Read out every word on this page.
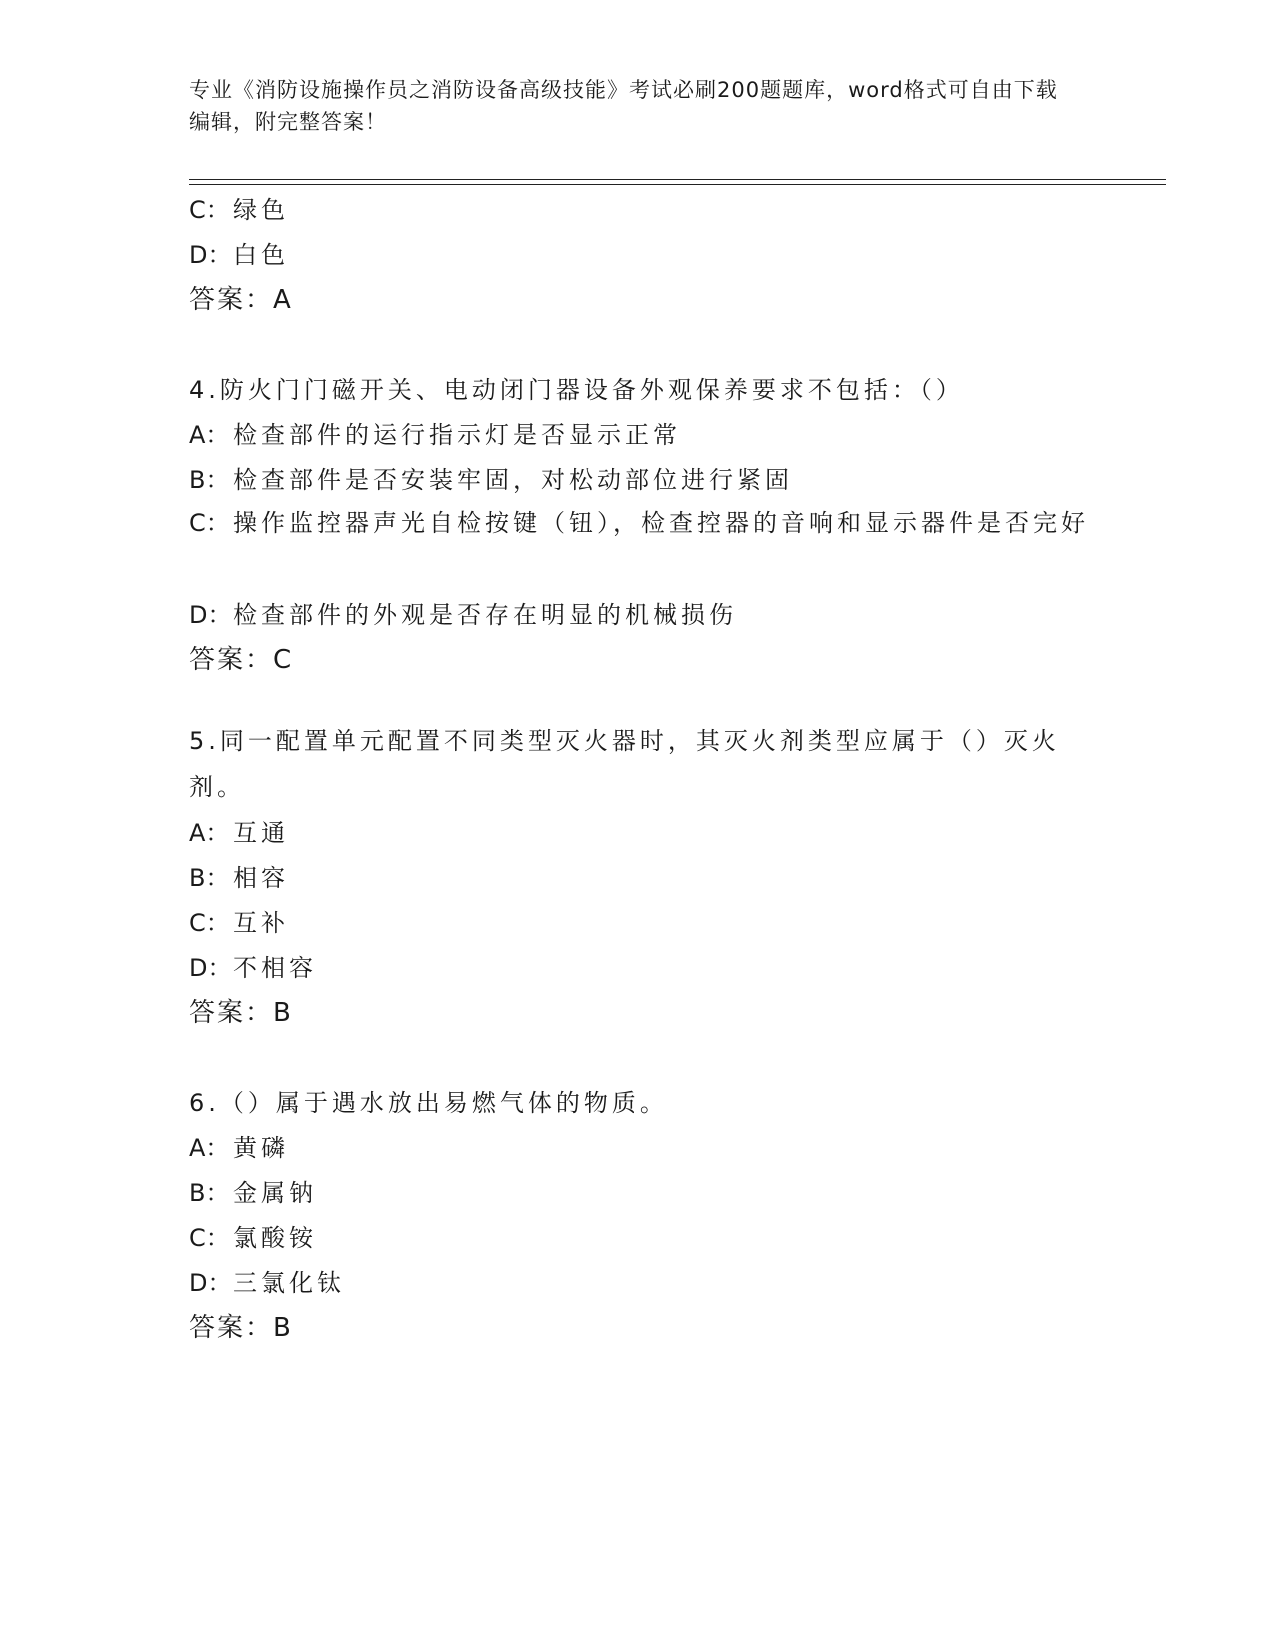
专业《消防设施操作员之消防设备高级技能》考试必刷200题题库，word格式可自由下载编辑，附完整答案！
C： 绿色
D：白色
答案：A
4.防火门门磁开关、电动闭门器设备外观保养要求不包括：（）
A： 检查部件的运行指示灯是否显示正常
B： 检查部件是否安装牢固，对松动部位进行紧固
C： 操作监控器声光自检按键（钮），检查控器的音响和显示器件是否完好
D：检查部件的外观是否存在明显的机械损伤
答案：C
5.同一配置单元配置不同类型灭火器时，其灭火剂类型应属于（）灭火剂。
A： 互通
B： 相容
C： 互补
D：不相容
答案：B
6.（）属于遇水放出易燃气体的物质。
A： 黄磷
B： 金属钠
C： 氯酸铵
D：三氯化钛
答案：B
